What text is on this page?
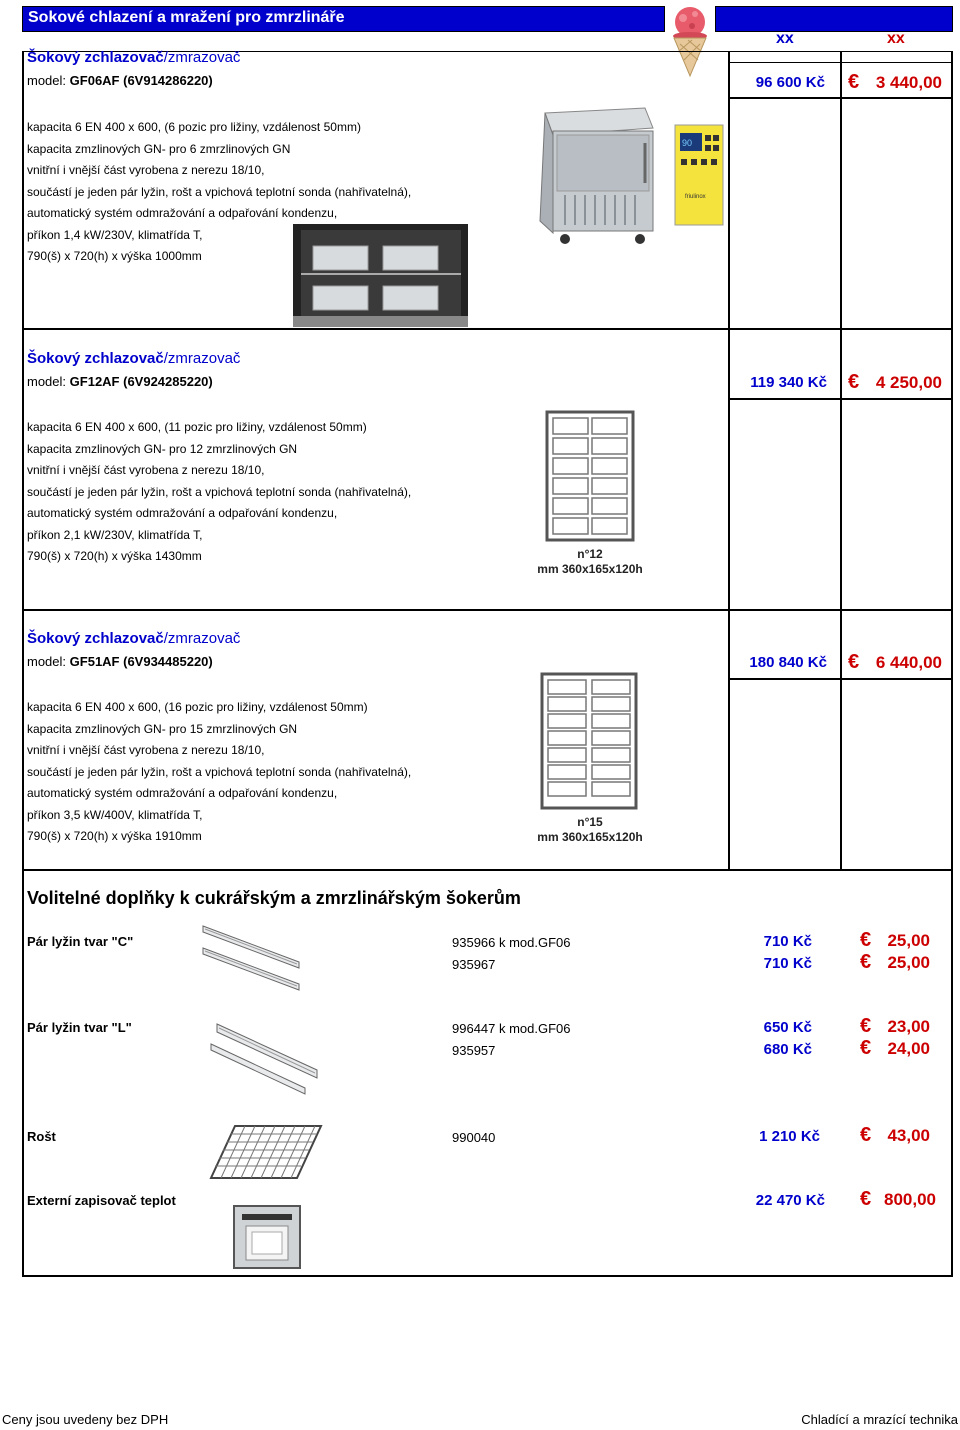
Sokové chlazení a mražení pro zmrzlináře
xx	xx
Šokový zchlazovač/zmrazovač
model: GF06AF (6V914286220)	96 600 Kč € 3 440,00
kapacita 6 EN 400 x 600, (6 pozic pro ližiny, vzdálenost 50mm)
kapacita zmzlinových GN- pro 6 zmrzlinových GN
vnitřní i vnější část vyrobena z nerezu 18/10,
součástí je jeden pár lyžin, rošt a vpichová teplotní sonda (nahřivatelná),
automatický systém odmražování a odpařování kondenzu,
příkon 1,4 kW/230V, klimatřída T,
790(š) x 720(h) x výška 1000mm
90
friulinox
Šokový zchlazovač/zmrazovač
model: GF12AF (6V924285220)	119 340 Kč € 4 250,00
kapacita 6 EN 400 x 600, (11 pozic pro ližiny, vzdálenost 50mm)
kapacita zmzlinových GN- pro 12 zmrzlinových GN
vnitřní i vnější část vyrobena z nerezu 18/10,
součástí je jeden pár lyžin, rošt a vpichová teplotní sonda (nahřivatelná),
automatický systém odmražování a odpařování kondenzu,
příkon 2,1 kW/230V, klimatřída T,
790(š) x 720(h) x výška 1430mm	n°12
mm 360x165x120h
Šokový zchlazovač/zmrazovač
model: GF51AF (6V934485220)	180 840 Kč € 6 440,00
kapacita 6 EN 400 x 600, (16 pozic pro ližiny, vzdálenost 50mm)
kapacita zmzlinových GN- pro 15 zmrzlinových GN
vnitřní i vnější část vyrobena z nerezu 18/10,
součástí je jeden pár lyžin, rošt a vpichová teplotní sonda (nahřivatelná),
automatický systém odmražování a odpařování kondenzu,
příkon 3,5 kW/400V, klimatřída T,
790(š) x 720(h) x výška 1910mm
n°15
mm 360x165x120h
Volitelné doplňky k cukrářským a zmrzlinářským šokerům
Pár lyžin tvar "C"	935966 k mod.GF06	710 Kč € 25,00
935967	710 Kč € 25,00
Pár lyžin tvar "L"	996447 k mod.GF06	650 Kč € 23,00
935957	680 Kč € 24,00
Rošt	990040	1 210 Kč € 43,00
Externí zapisovač teplot	22 470 Kč € 800,00
Ceny jsou uvedeny bez DPH	Chladící a mrazící technika
